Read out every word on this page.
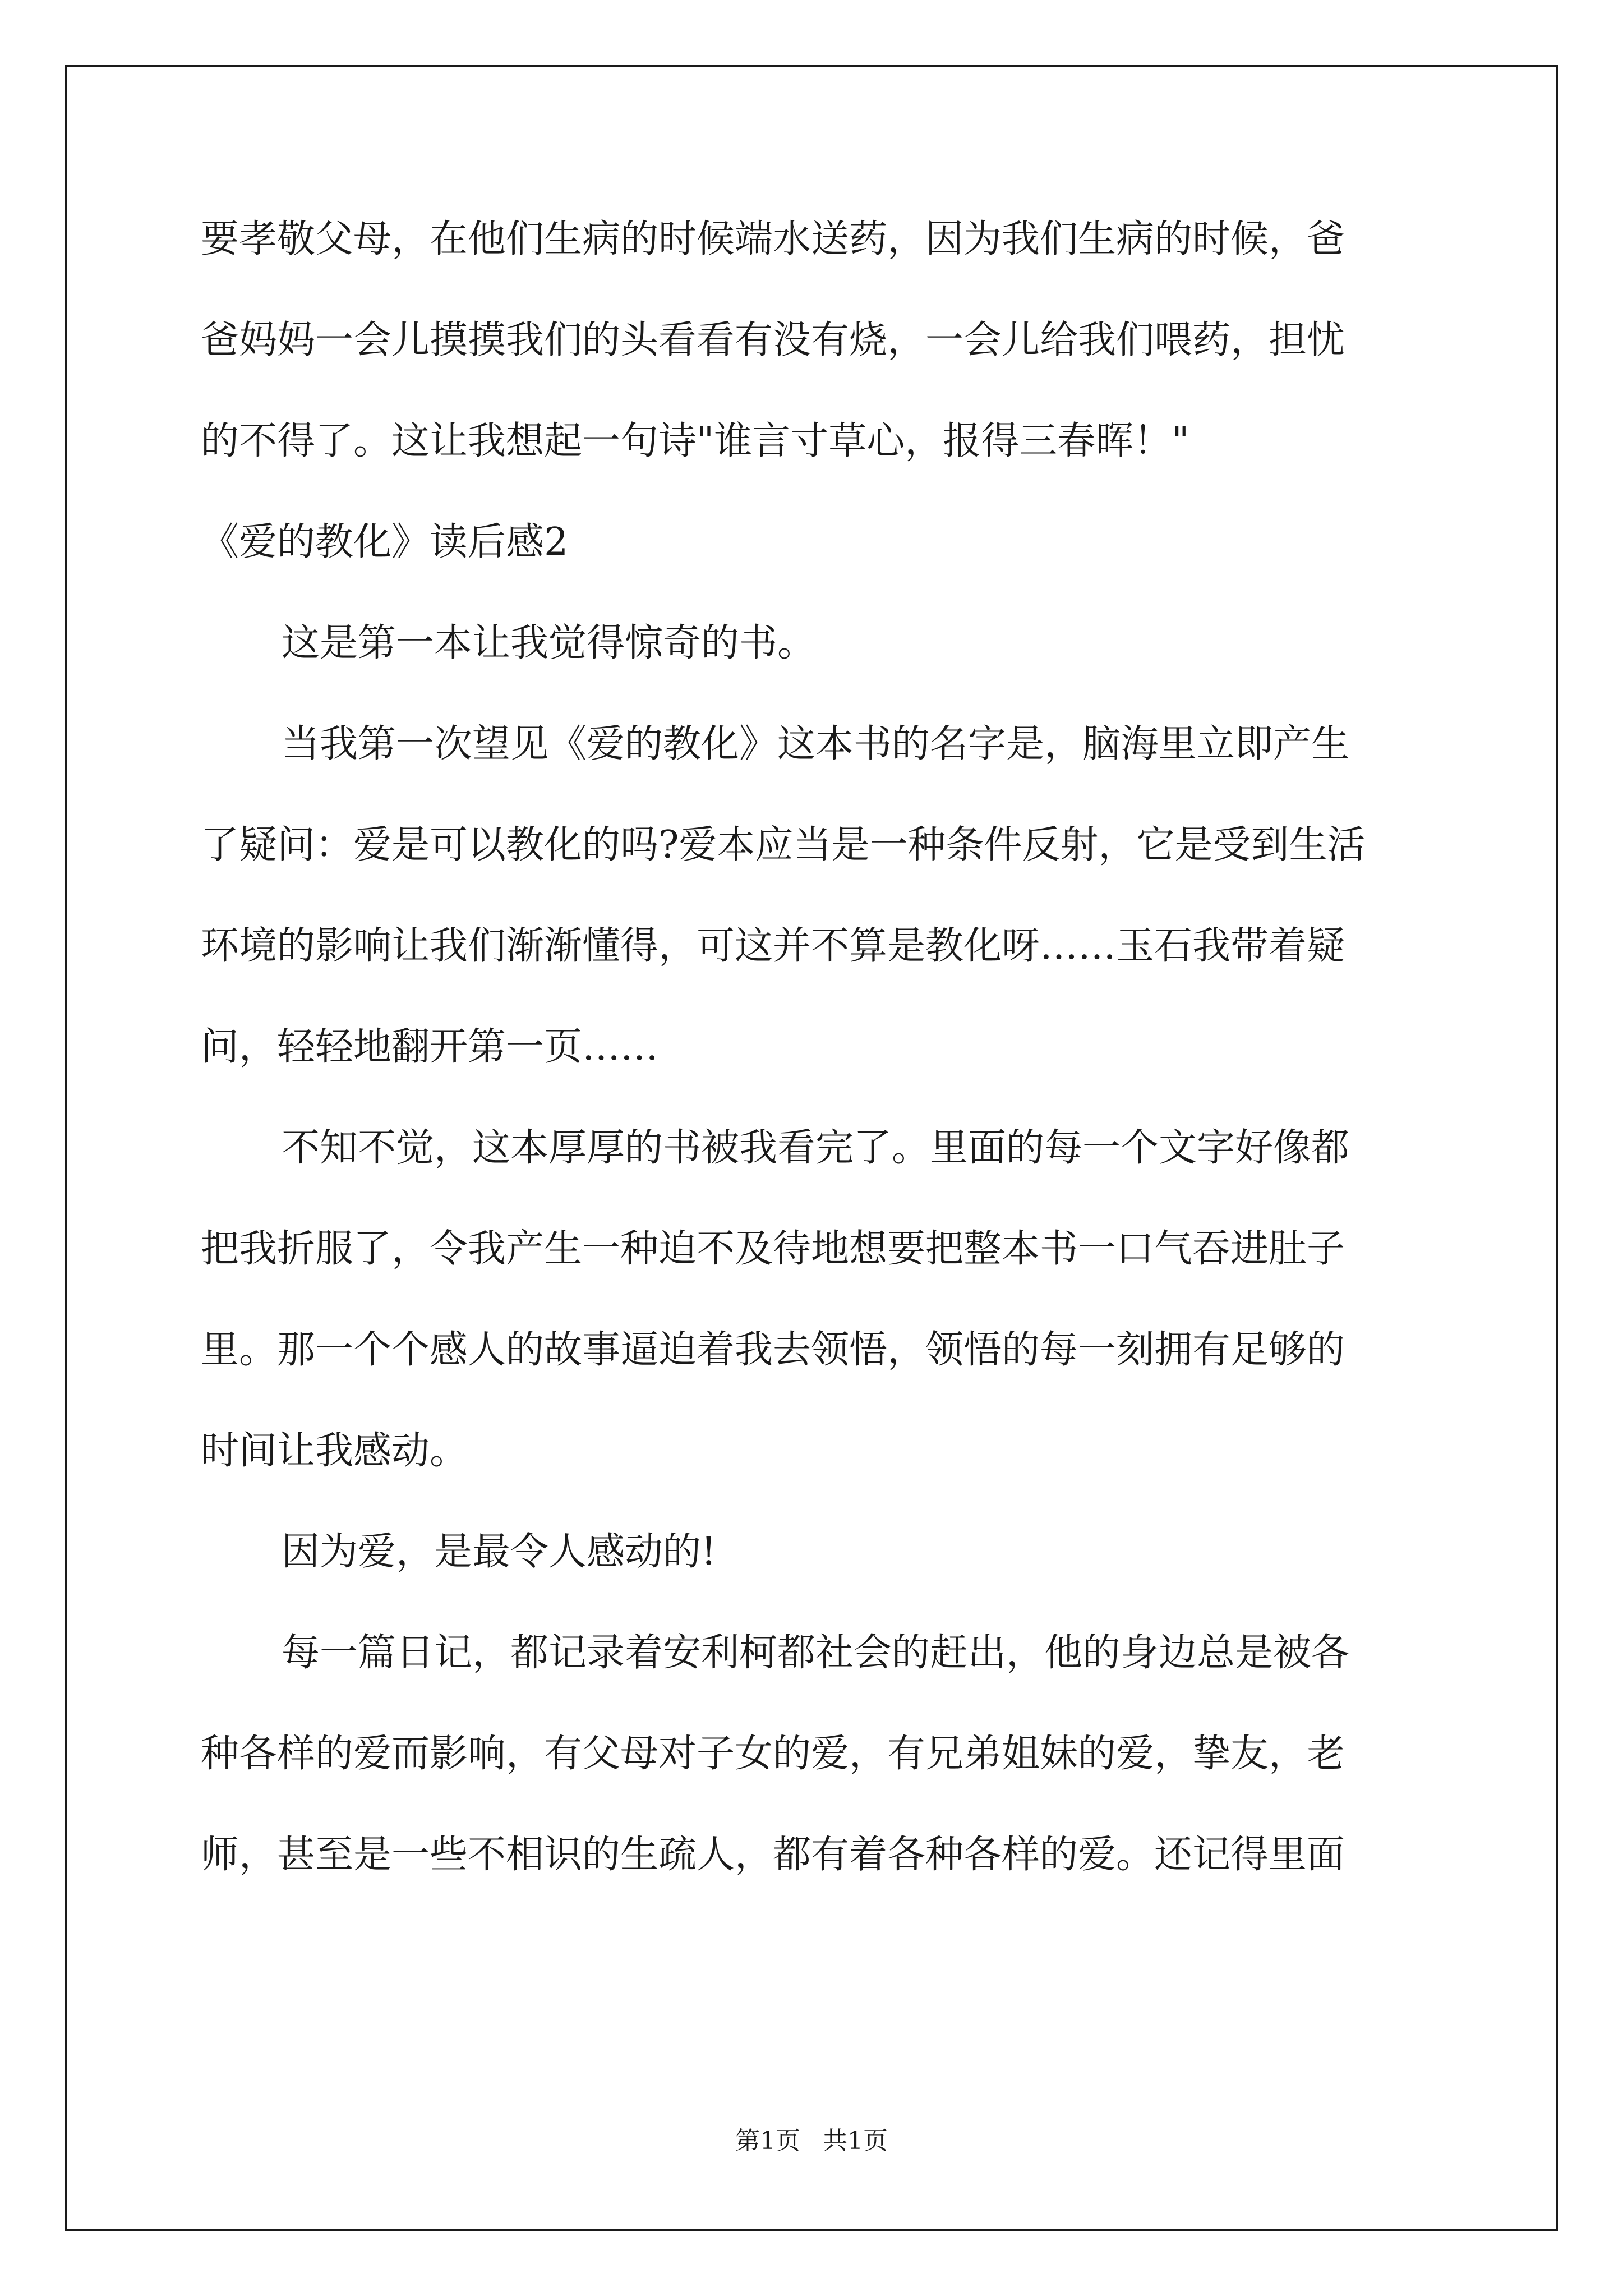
要孝敬父母，在他们生病的时候端水送药，因为我们生病的时候，爸
爸妈妈一会儿摸摸我们的头看看有没有烧，一会儿给我们喂药，担忧
的不得了。这让我想起一句诗"谁言寸草心，报得三春晖！"
《爱的教化》读后感2
这是第一本让我觉得惊奇的书。
当我第一次望见《爱的教化》这本书的名字是，脑海里立即产生
了疑问：爱是可以教化的吗?爱本应当是一种条件反射，它是受到生活
环境的影响让我们渐渐懂得，可这并不算是教化呀……玉石我带着疑
问，轻轻地翻开第一页……
不知不觉，这本厚厚的书被我看完了。里面的每一个文字好像都
把我折服了，令我产生一种迫不及待地想要把整本书一口气吞进肚子
里。那一个个感人的故事逼迫着我去领悟，领悟的每一刻拥有足够的
时间让我感动。
因为爱，是最令人感动的!
每一篇日记，都记录着安利柯都社会的赶出，他的身边总是被各
种各样的爱而影响，有父母对子女的爱，有兄弟姐妹的爱，挚友，老
师，甚至是一些不相识的生疏人，都有着各种各样的爱。还记得里面
第1页 共1页
